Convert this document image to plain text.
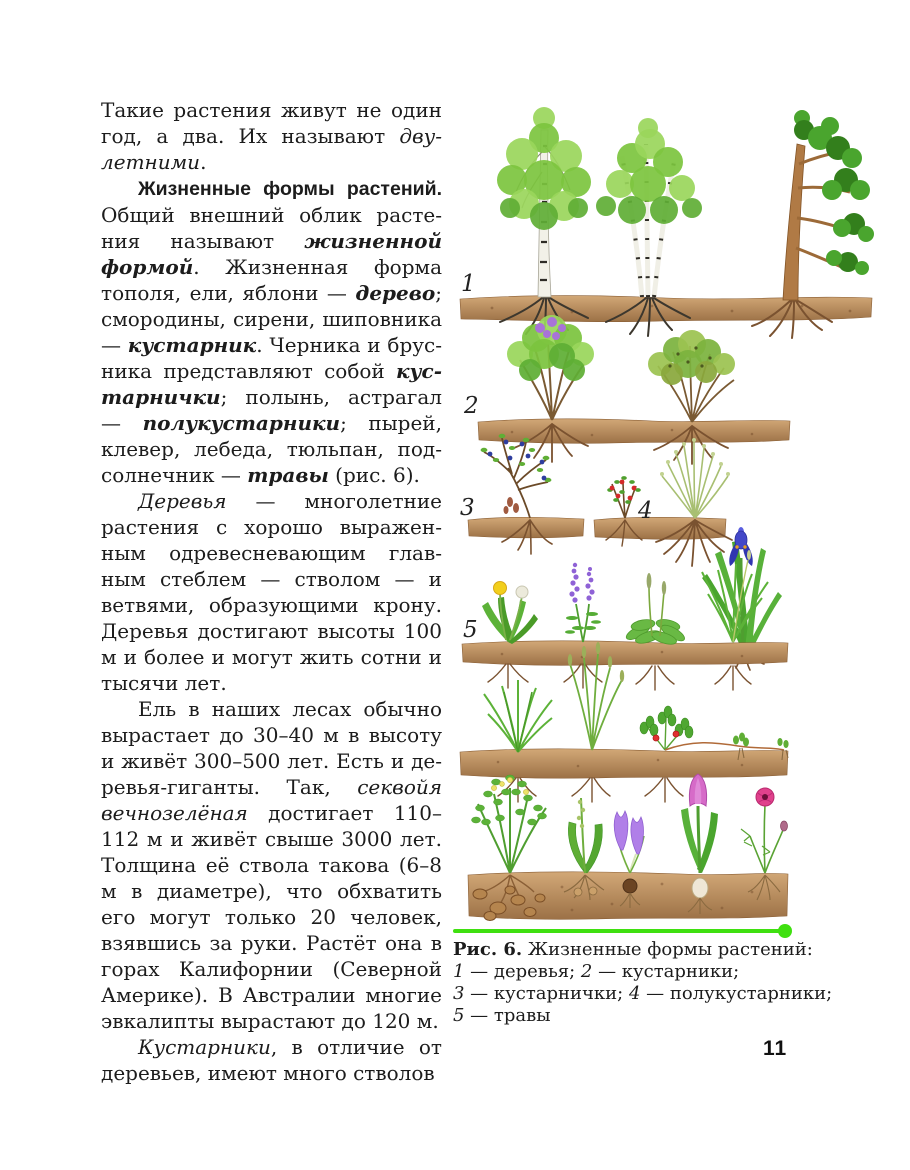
Такие растения живут не один год, а два. Их называют двулетними.

Жизненные формы растений. Общий внешний облик растения называют жизненной формой. Жизненная форма тополя, ели, яблони — дерево; смородины, сирени, шиповника — кустарник. Черника и брусника представляют собой кустарнички; полынь, астрагал — полукустарники; пырей, клевер, лебеда, тюльпан, подсолнечник — травы (рис. 6).

Деревья — многолетние растения с хорошо выраженным одревесневающим главным стеблем — стволом — и ветвями, образующими крону. Деревья достигают высоты 100 м и более и могут жить сотни и тысячи лет.

Ель в наших лесах обычно вырастает до 30–40 м в высоту и живёт 300–500 лет. Есть и деревья-гиганты. Так, секвойя вечнозелёная достигает 110–112 м и живёт свыше 3000 лет. Толщина её ствола такова (6–8 м в диаметре), что обхватить его могут только 20 человек, взявшись за руки. Растёт она в горах Калифорнии (Северной Америке). В Австралии многие эвкалипты вырастают до 120 м.

Кустарники, в отличие от деревьев, имеют много стволов

1
2
3	4
5
Рис. 6. Жизненные формы растений:
1 — деревья; 2 — кустарники;
3 — кустарнички; 4 — полукустарники;
5 — травы
11
